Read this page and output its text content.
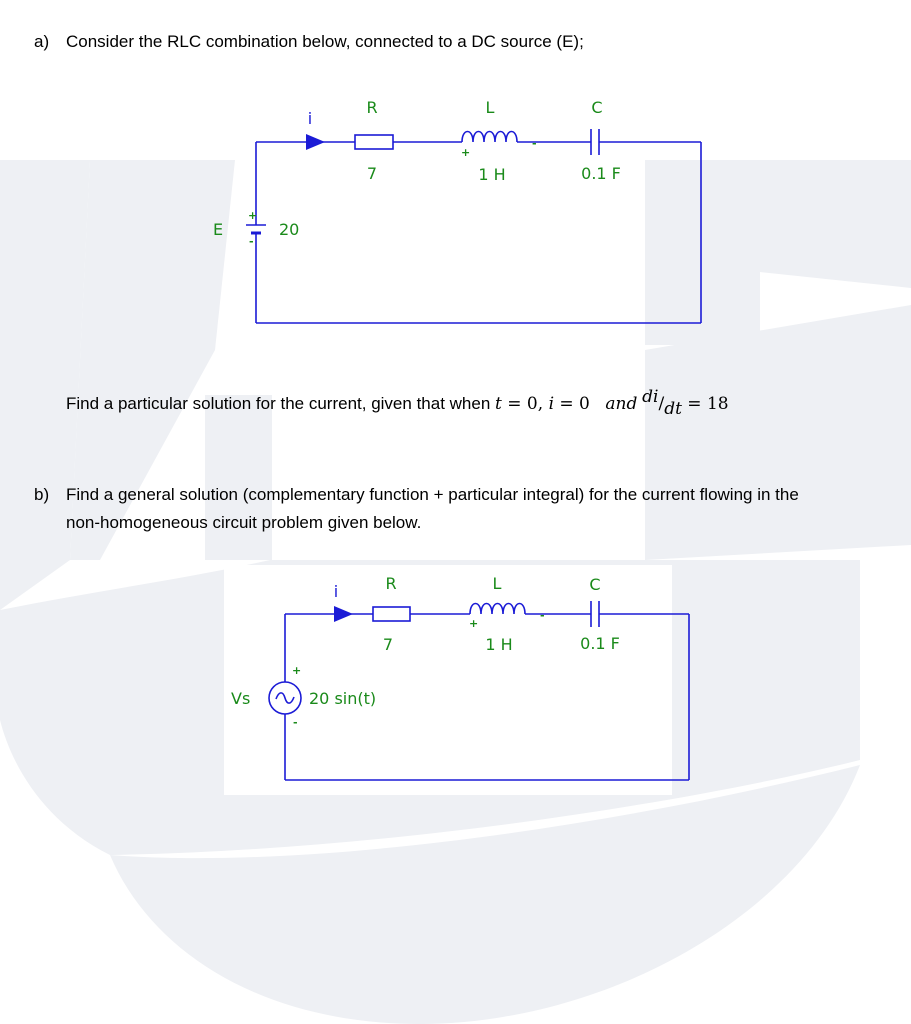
a) Consider the RLC combination below, connected to a DC source (E);
i
R
7
L
1 H
C
0.1 F
E	20
+
-
+
-
Find a particular solution for the current, given that when t = 0, i = 0   and di/dt = 18
b) Find a general solution (complementary function + particular integral) for the current flowing in the
non-homogeneous circuit problem given below.
i	R
7
L
1 H
C
0.1 F
Vs	20 sin(t)
+
-
+
-
